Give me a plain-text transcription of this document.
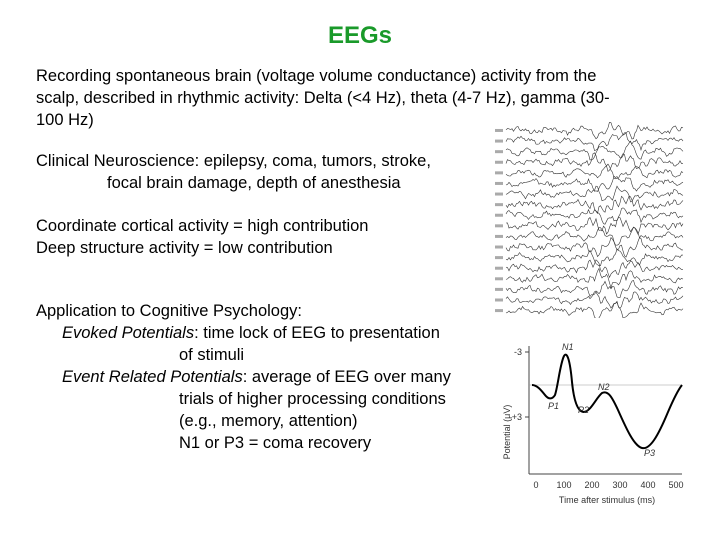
EEGs
Recording spontaneous brain (voltage volume conductance) activity from the
scalp, described in rhythmic activity: Delta (<4 Hz), theta (4-7 Hz), gamma (30-
100 Hz)
Clinical Neuroscience: epilepsy, coma, tumors, stroke,
focal brain damage, depth of anesthesia
Coordinate cortical activity = high contribution
Deep structure activity = low contribution
Application to Cognitive Psychology:
Evoked Potentials: time lock of EEG to presentation
of stimuli
Event Related Potentials: average of EEG over many
trials of higher processing conditions
(e.g., memory, attention)
N1 or P3 = coma recovery	Potential (μV)
-3
+3
N1
P1
N2
P2
P3
0 100 200 300 400 500
Time after stimulus (ms)
